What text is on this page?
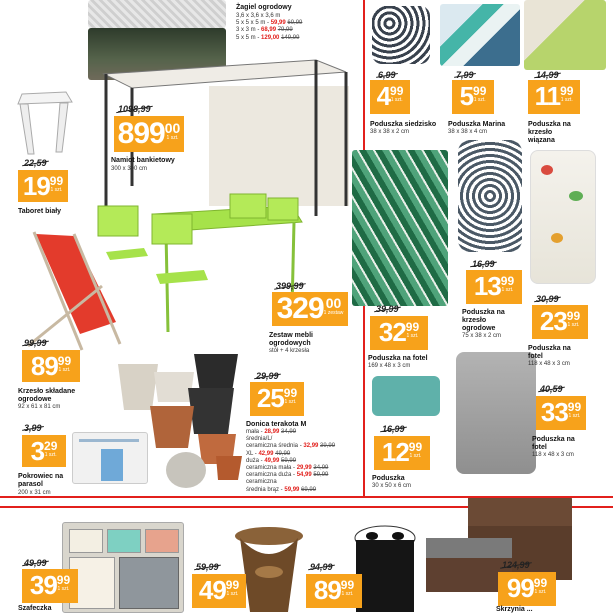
Żagiel ogrodowy
3,6 x 3,6 x 3,6 m
5 x 5 x 5 m - 59,99 69,99
3 x 3 m - 68,99 79,99
5 x 5 m - 129,00 149,99
1098,99
899 00
1 szt.
Namiot bankietowy
300 x 300 cm
22,59
19 99
1 szt.
Taboret biały
99,99
89 99
1 szt.
Krzesło składane ogrodowe
92 x 61 x 81 cm
399,99
329 00
1 zestaw
Zestaw mebli ogrodowych
stół + 4 krzesła
3,99
3 29
1 szt.
Pokrowiec na parasol
200 x 31 cm
29,99
25 99
1 szt.
Donica terakota M
mała - 28,99 34,99
średnia/L/
ceramiczna średnia - 32,99 39,99
XL - 42,99 49,99
duża - 49,99 59,99
ceramiczna mała - 29,99 34,99
ceramiczna duża - 54,99 59,99
ceramiczna
średnia brąz - 59,99 69,99
6,99
4 99
1 szt.
Poduszka siedzisko
38 x 38 x 2 cm
7,99
5 99
1 szt.
Poduszka Marina
38 x 38 x 4 cm
14,99
11 99
1 szt.
Poduszka na krzesło wiązana
39,99
32 99
1 szt.
Poduszka na fotel
169 x 48 x 3 cm
16,99
13 99
1 szt.
Poduszka na krzesło ogrodowe
75 x 38 x 2 cm
30,99
23 99
1 szt.
Poduszka na fotel
118 x 48 x 3 cm
16,99
12 99
1 szt.
Poduszka
30 x 50 x 6 cm
40,59
33 99
1 szt.
Poduszka na fotel
118 x 48 x 3 cm
49,99
39 99
1 szt.
Szafeczka
59,99
49 99
1 szt.
94,99
89 99
1 szt.
124,99
99 99
1 szt.
Skrzynia ...
